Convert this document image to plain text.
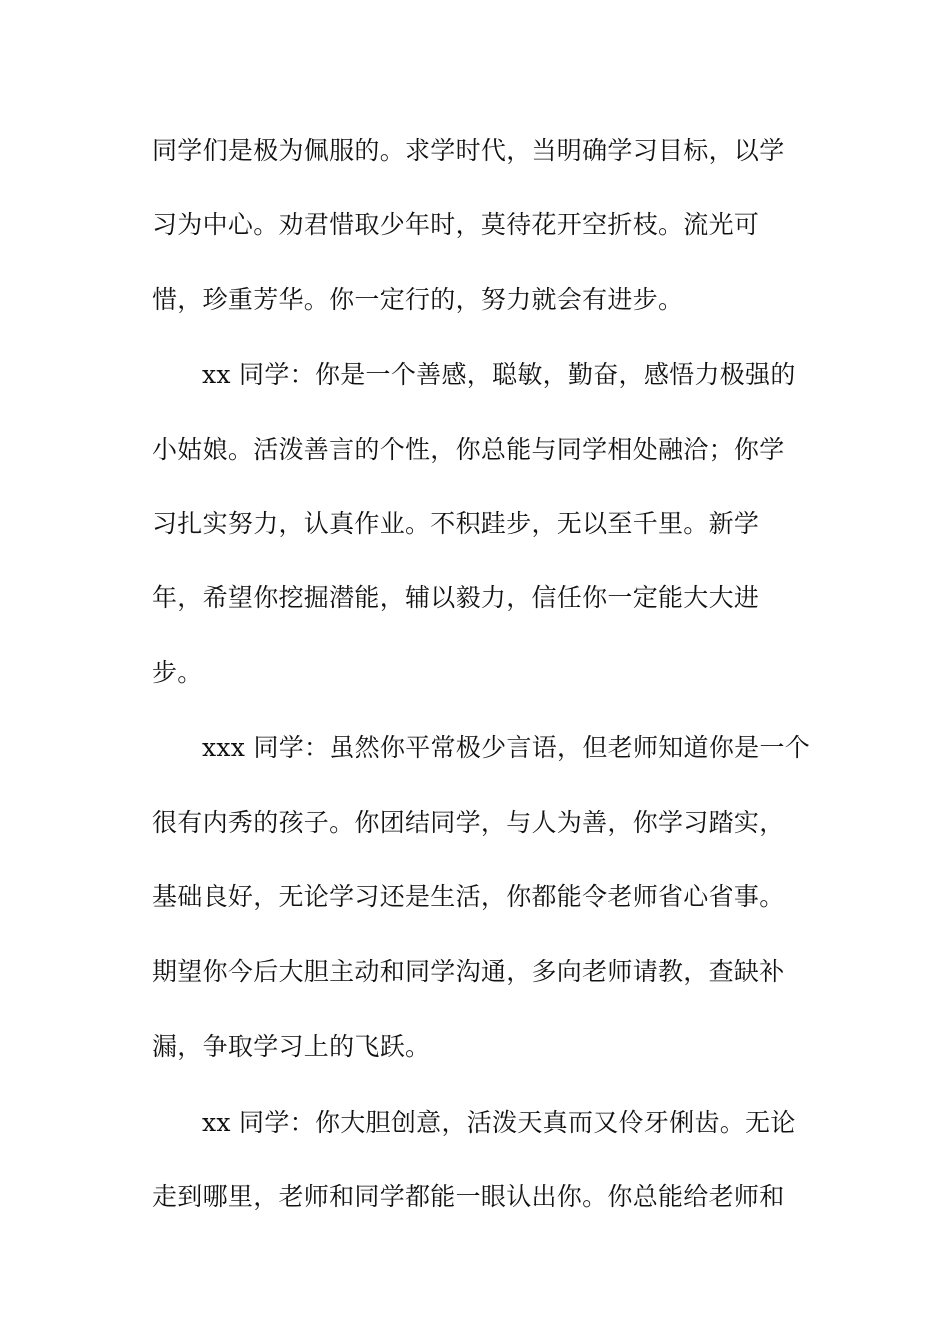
同学们是极为佩服的。求学时代，当明确学习目标，以学

习为中心。劝君惜取少年时，莫待花开空折枝。流光可

惜，珍重芳华。你一定行的，努力就会有进步。

xx 同学：你是一个善感，聪敏，勤奋，感悟力极强的

小姑娘。活泼善言的个性，你总能与同学相处融洽；你学

习扎实努力，认真作业。不积跬步，无以至千里。新学

年，希望你挖掘潜能，辅以毅力，信任你一定能大大进

步。

xxx 同学：虽然你平常极少言语，但老师知道你是一个

很有内秀的孩子。你团结同学，与人为善，你学习踏实，

基础良好，无论学习还是生活，你都能令老师省心省事。

期望你今后大胆主动和同学沟通，多向老师请教，查缺补

漏，争取学习上的飞跃。

xx 同学：你大胆创意，活泼天真而又伶牙俐齿。无论

走到哪里，老师和同学都能一眼认出你。你总能给老师和
